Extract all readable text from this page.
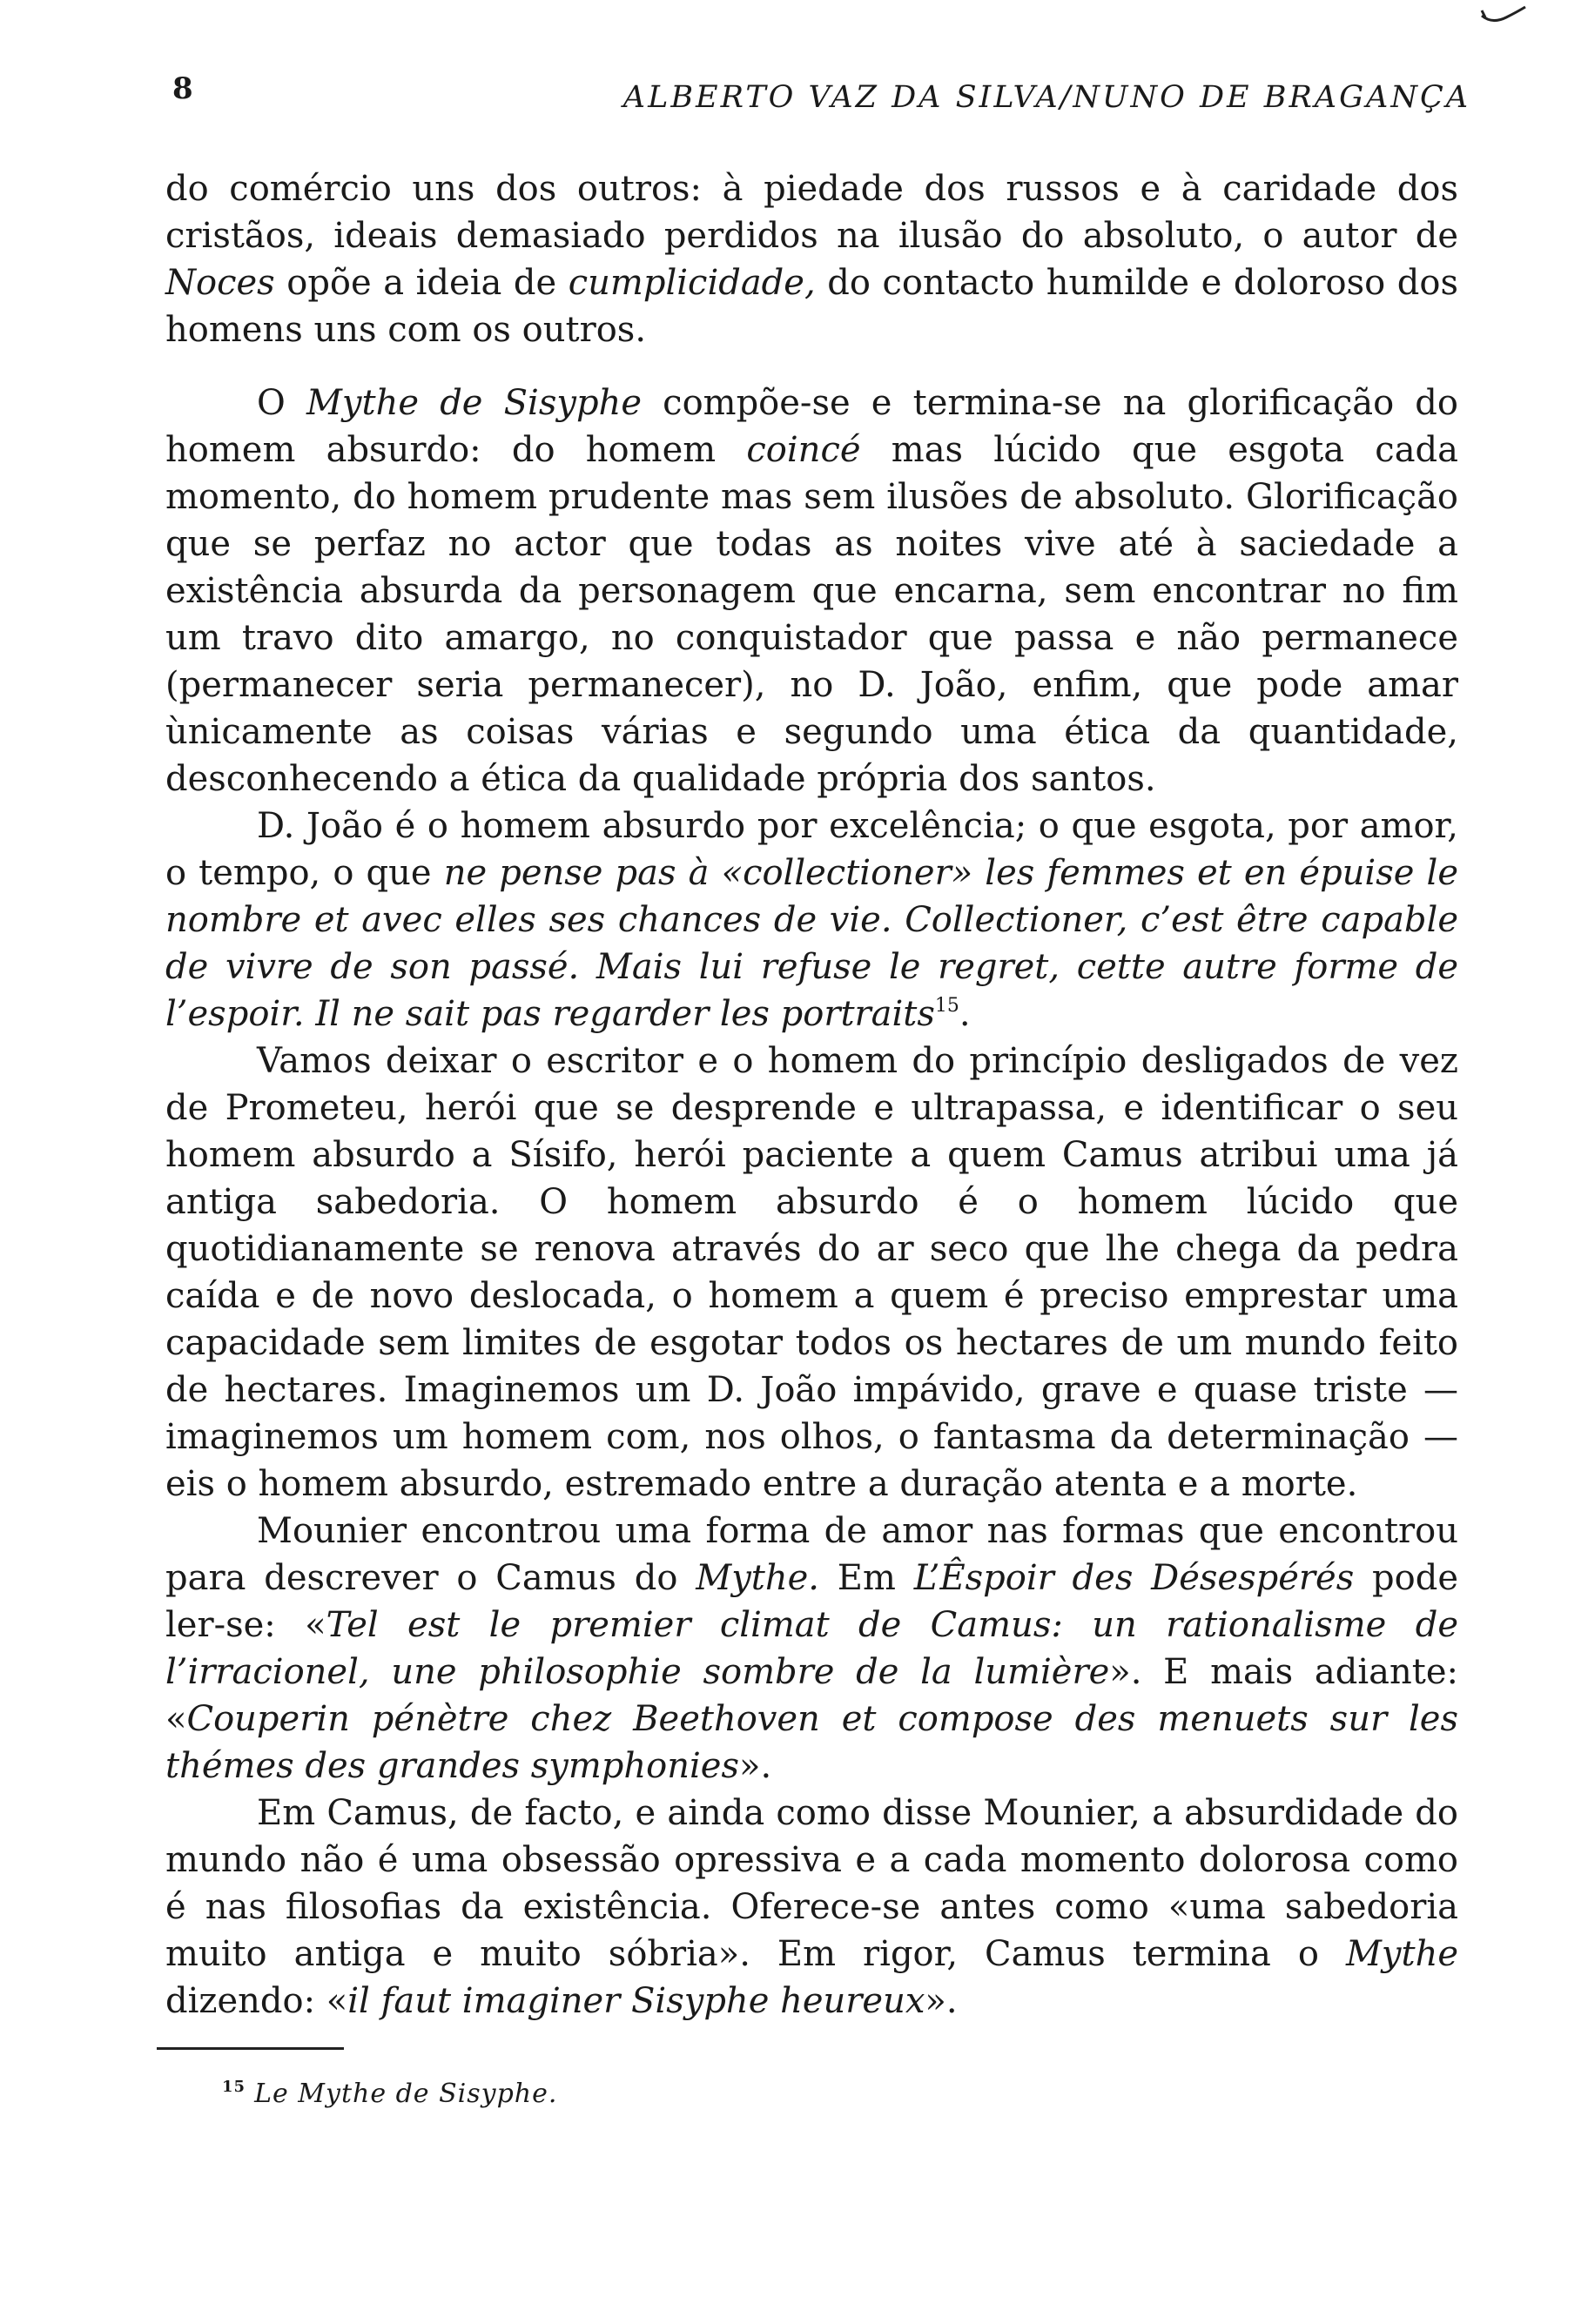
8	ALBERTO VAZ DA SILVA/NUNO DE BRAGANÇA

do comércio uns dos outros: à piedade dos russos e à caridade dos cristãos, ideais demasiado perdidos na ilusão do absoluto, o autor de Noces opõe a ideia de cumplicidade, do contacto humilde e doloroso dos homens uns com os outros.

O Mythe de Sisyphe compõe-se e termina-se na glorificação do homem absurdo: do homem coincé mas lúcido que esgota cada momento, do homem prudente mas sem ilusões de absoluto. Glorificação que se perfaz no actor que todas as noites vive até à saciedade a existência absurda da personagem que encarna, sem encontrar no fim um travo dito amargo, no conquistador que passa e não permanece (permanecer seria permanecer), no D. João, enfim, que pode amar ùnicamente as coisas várias e segundo uma ética da quantidade, desconhecendo a ética da qualidade própria dos santos.

D. João é o homem absurdo por excelência; o que esgota, por amor, o tempo, o que ne pense pas à «collectioner» les femmes et en épuise le nombre et avec elles ses chances de vie. Collectioner, c’est être capable de vivre de son passé. Mais lui refuse le regret, cette autre forme de l’espoir. Il ne sait pas regarder les portraits$^{15}$.

Vamos deixar o escritor e o homem do princípio desligados de vez de Prometeu, herói que se desprende e ultrapassa, e identificar o seu homem absurdo a Sísifo, herói paciente a quem Camus atribui uma já antiga sabedoria. O homem absurdo é o homem lúcido que quotidianamente se renova através do ar seco que lhe chega da pedra caída e de novo deslocada, o homem a quem é preciso emprestar uma capacidade sem limites de esgotar todos os hectares de um mundo feito de hectares. Imaginemos um D. João impávido, grave e quase triste — imaginemos um homem com, nos olhos, o fantasma da determinação — eis o homem absurdo, estremado entre a duração atenta e a morte.

Mounier encontrou uma forma de amor nas formas que encontrou para descrever o Camus do Mythe. Em L’Êspoir des Désespérés pode ler-se: «Tel est le premier climat de Camus: un rationalisme de l’irracionel, une philosophie sombre de la lumière». E mais adiante: «Couperin pénètre chez Beethoven et compose des menuets sur les thémes des grandes symphonies».

Em Camus, de facto, e ainda como disse Mounier, a absurdidade do mundo não é uma obsessão opressiva e a cada momento dolorosa como é nas filosofias da existência. Oferece-se antes como «uma sabedoria muito antiga e muito sóbria». Em rigor, Camus termina o Mythe dizendo: «il faut imaginer Sisyphe heureux».

$^{15}$ Le Mythe de Sisyphe.
